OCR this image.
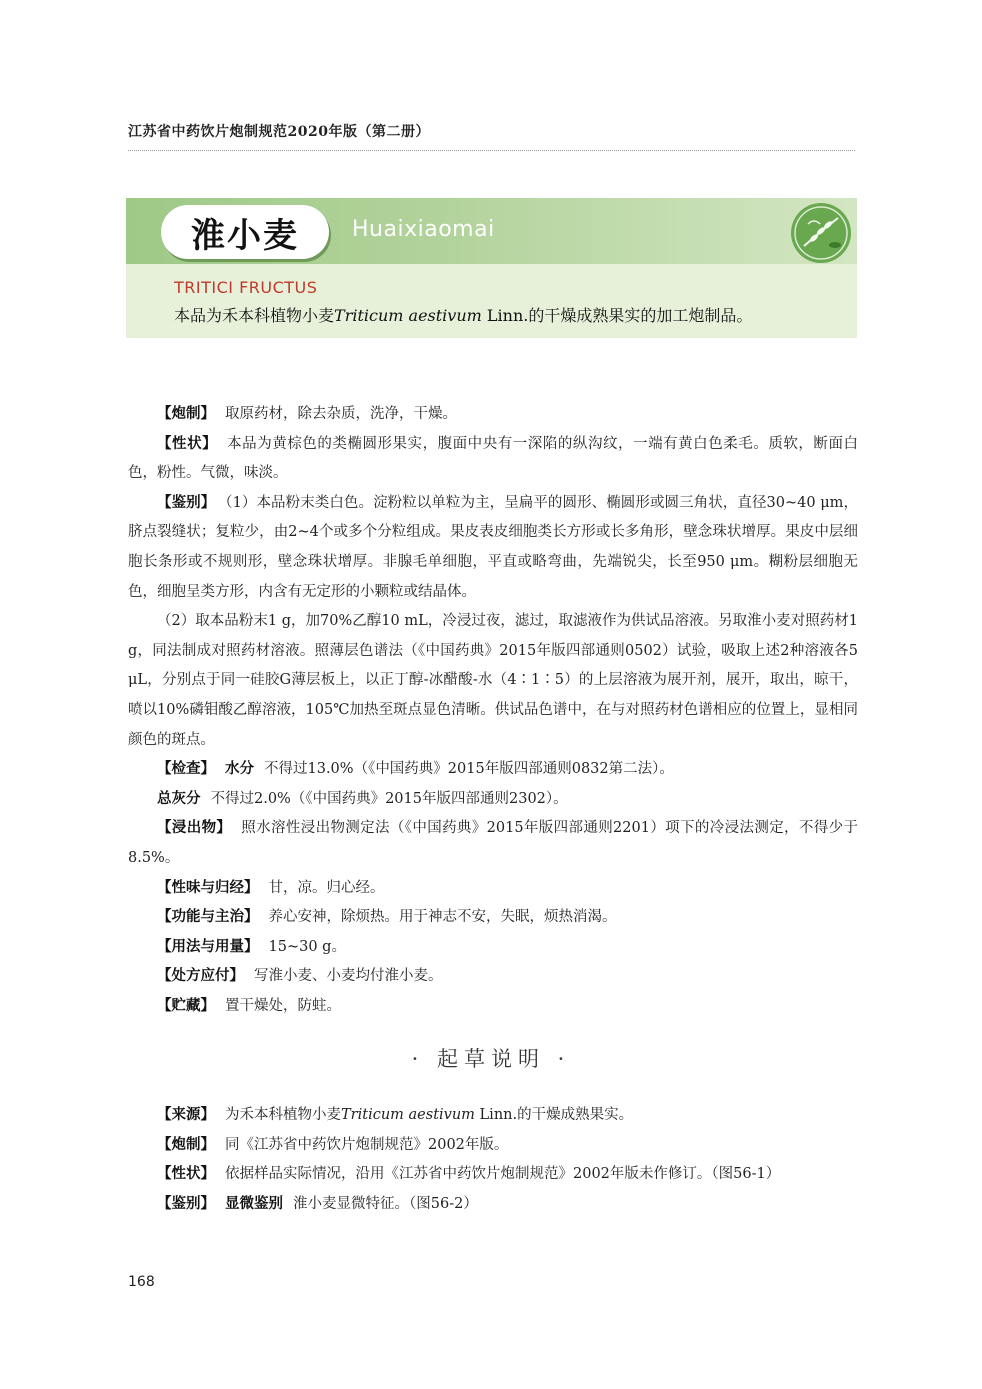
江苏省中药饮片炮制规范2020年版（第二册）
淮小麦 Huaixiaomai
TRITICI FRUCTUS
本品为禾本科植物小麦Triticum aestivum Linn.的干燥成熟果实的加工炮制品。

【炮制】 取原药材，除去杂质，洗净，干燥。

【性状】 本品为黄棕色的类椭圆形果实，腹面中央有一深陷的纵沟纹，一端有黄白色柔毛。质软，断面白色，粉性。气微，味淡。

【鉴别】 （1）本品粉末类白色。淀粉粒以单粒为主，呈扁平的圆形、椭圆形或圆三角状，直径30~40 μm，脐点裂缝状；复粒少，由2~4个或多个分粒组成。果皮表皮细胞类长方形或长多角形，壁念珠状增厚。果皮中层细胞长条形或不规则形，壁念珠状增厚。非腺毛单细胞，平直或略弯曲，先端锐尖，长至950 μm。糊粉层细胞无色，细胞呈类方形，内含有无定形的小颗粒或结晶体。

（2）取本品粉末1 g，加70%乙醇10 mL，冷浸过夜，滤过，取滤液作为供试品溶液。另取淮小麦对照药材1 g，同法制成对照药材溶液。照薄层色谱法（《中国药典》2015年版四部通则0502）试验，吸取上述2种溶液各5 μL，分别点于同一硅胶G薄层板上，以正丁醇-冰醋酸-水（4∶1∶5）的上层溶液为展开剂，展开，取出，晾干，喷以10%磷钼酸乙醇溶液，105℃加热至斑点显色清晰。供试品色谱中，在与对照药材色谱相应的位置上，显相同颜色的斑点。

【检查】 水分 不得过13.0%（《中国药典》2015年版四部通则0832第二法）。

总灰分 不得过2.0%（《中国药典》2015年版四部通则2302）。

【浸出物】 照水溶性浸出物测定法（《中国药典》2015年版四部通则2201）项下的冷浸法测定，不得少于8.5%。

【性味与归经】 甘，凉。归心经。

【功能与主治】 养心安神，除烦热。用于神志不安，失眠，烦热消渴。

【用法与用量】 15~30 g。

【处方应付】 写淮小麦、小麦均付淮小麦。

【贮藏】 置干燥处，防蛀。

· 起草说明 ·

【来源】 为禾本科植物小麦Triticum aestivum Linn.的干燥成熟果实。

【炮制】 同《江苏省中药饮片炮制规范》2002年版。

【性状】 依据样品实际情况，沿用《江苏省中药饮片炮制规范》2002年版未作修订。（图56-1）

【鉴别】 显微鉴别 淮小麦显微特征。（图56-2）

168
